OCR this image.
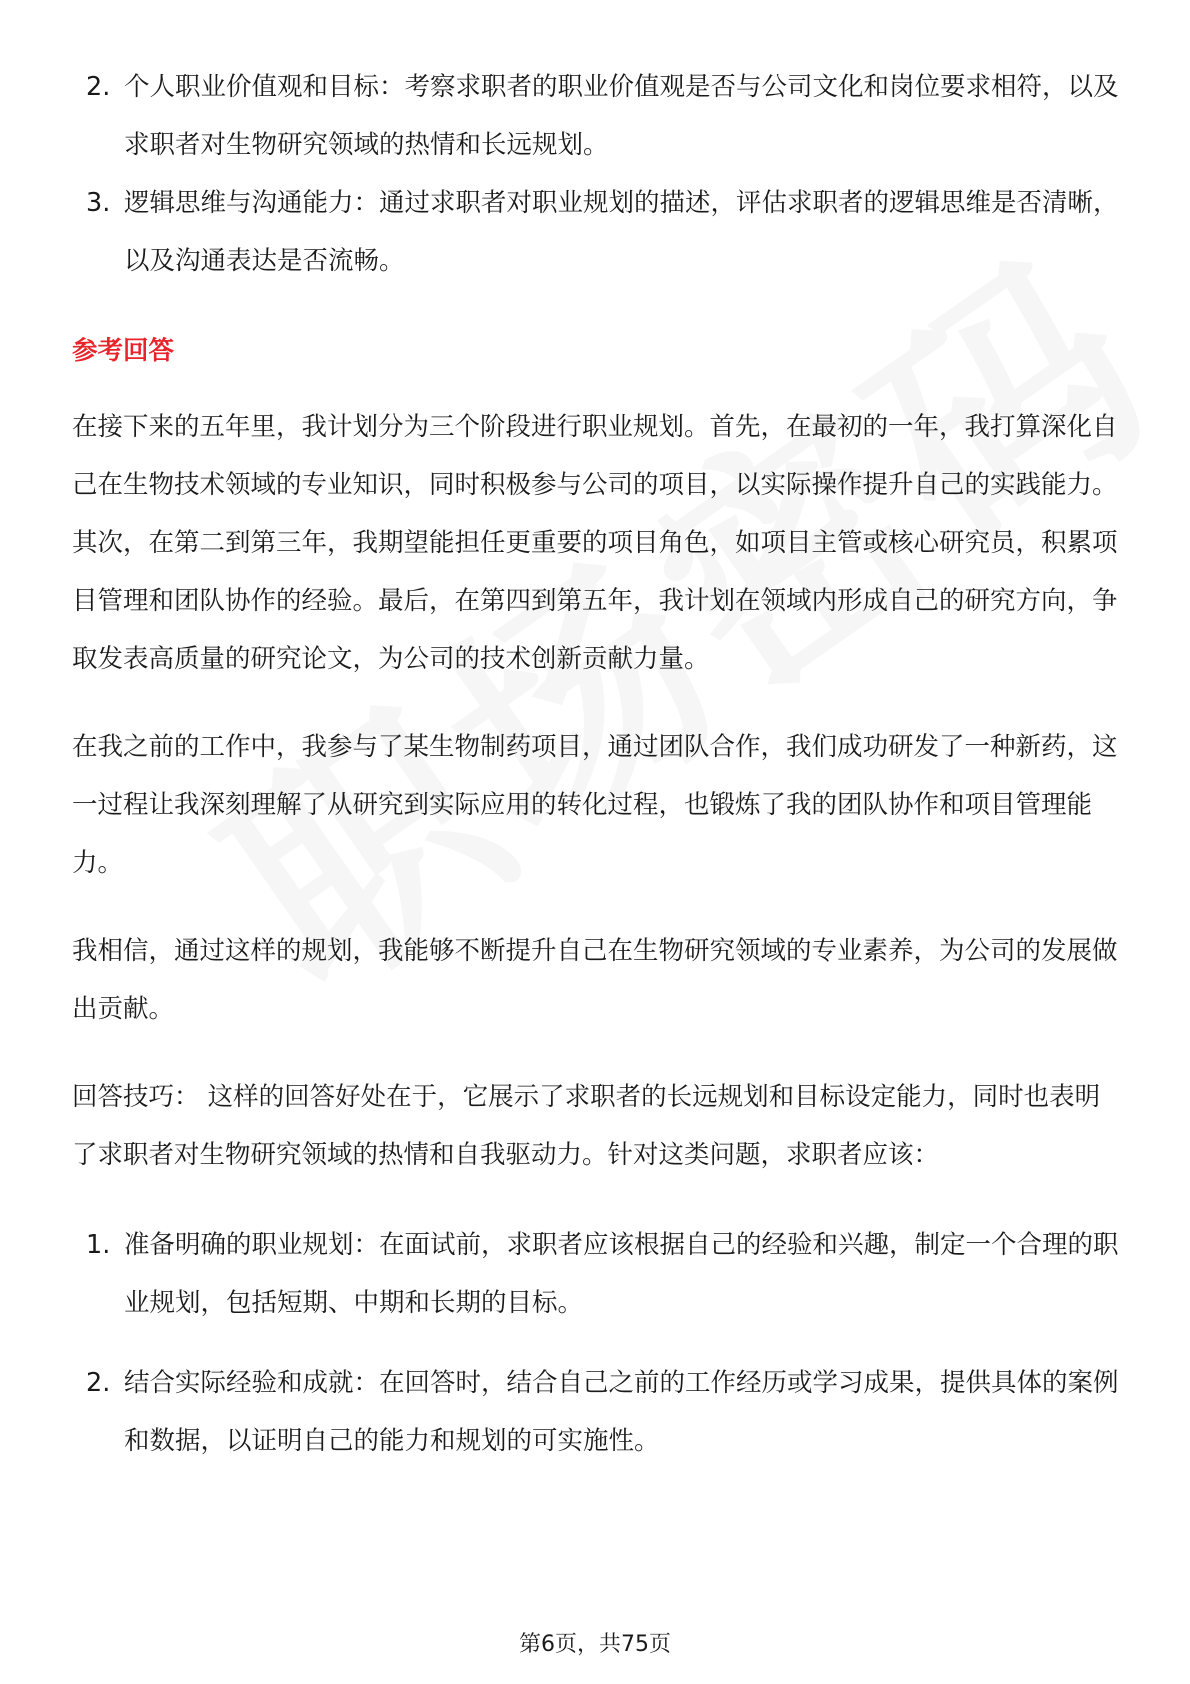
2. 个人职业价值观和目标：考察求职者的职业价值观是否与公司文化和岗位要求相符，以及求职者对生物研究领域的热情和长远规划。
3. 逻辑思维与沟通能力：通过求职者对职业规划的描述，评估求职者的逻辑思维是否清晰，以及沟通表达是否流畅。
参考回答

在接下来的五年里，我计划分为三个阶段进行职业规划。首先，在最初的一年，我打算深化自己在生物技术领域的专业知识，同时积极参与公司的项目，以实际操作提升自己的实践能力。其次，在第二到第三年，我期望能担任更重要的项目角色，如项目主管或核心研究员，积累项目管理和团队协作的经验。最后，在第四到第五年，我计划在领域内形成自己的研究方向，争取发表高质量的研究论文，为公司的技术创新贡献力量。

在我之前的工作中，我参与了某生物制药项目，通过团队合作，我们成功研发了一种新药，这一过程让我深刻理解了从研究到实际应用的转化过程，也锻炼了我的团队协作和项目管理能力。

我相信，通过这样的规划，我能够不断提升自己在生物研究领域的专业素养，为公司的发展做出贡献。

回答技巧： 这样的回答好处在于，它展示了求职者的长远规划和目标设定能力，同时也表明了求职者对生物研究领域的热情和自我驱动力。针对这类问题，求职者应该：

1. 准备明确的职业规划：在面试前，求职者应该根据自己的经验和兴趣，制定一个合理的职业规划，包括短期、中期和长期的目标。
2. 结合实际经验和成就：在回答时，结合自己之前的工作经历或学习成果，提供具体的案例和数据，以证明自己的能力和规划的可实施性。
第6页，共75页
